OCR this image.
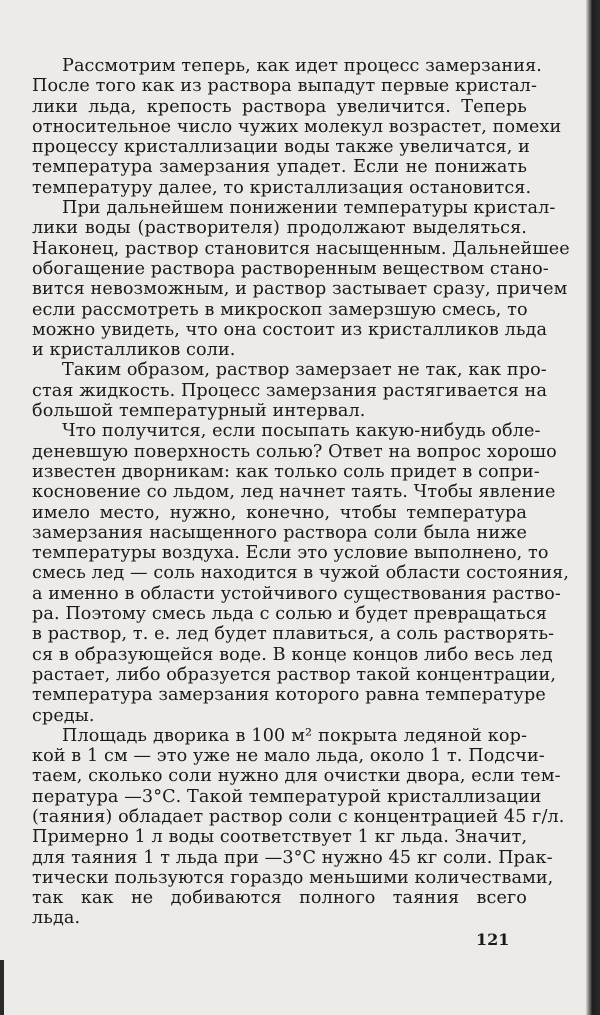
Рассмотрим теперь, как идет процесс замерзания.
После того как из раствора выпадут первые кристал-
лики льда, крепость раствора увеличится. Теперь
относительное число чужих молекул возрастет, помехи
процессу кристаллизации воды также увеличатся, и
температура замерзания упадет. Если не понижать
температуру далее, то кристаллизация остановится.
При дальнейшем понижении температуры кристал-
лики воды (растворителя) продолжают выделяться.
Наконец, раствор становится насыщенным. Дальнейшее
обогащение раствора растворенным веществом стано-
вится невозможным, и раствор застывает сразу, причем
если рассмотреть в микроскоп замерзшую смесь, то
можно увидеть, что она состоит из кристалликов льда
и кристалликов соли.
Таким образом, раствор замерзает не так, как про-
стая жидкость. Процесс замерзания растягивается на
большой температурный интервал.
Что получится, если посыпать какую-нибудь обле-
деневшую поверхность солью? Ответ на вопрос хорошо
известен дворникам: как только соль придет в сопри-
косновение со льдом, лед начнет таять. Чтобы явление
имело место, нужно, конечно, чтобы температура
замерзания насыщенного раствора соли была ниже
температуры воздуха. Если это условие выполнено, то
смесь лед — соль находится в чужой области состояния,
а именно в области устойчивого существования раство-
ра. Поэтому смесь льда с солью и будет превращаться
в раствор, т. е. лед будет плавиться, а соль растворять-
ся в образующейся воде. В конце концов либо весь лед
растает, либо образуется раствор такой концентрации,
температура замерзания которого равна температуре
среды.
Площадь дворика в 100 м² покрыта ледяной кор-
кой в 1 см — это уже не мало льда, около 1 т. Подсчи-
таем, сколько соли нужно для очистки двора, если тем-
пература —3°С. Такой температурой кристаллизации
(таяния) обладает раствор соли с концентрацией 45 г/л.
Примерно 1 л воды соответствует 1 кг льда. Значит,
для таяния 1 т льда при —3°С нужно 45 кг соли. Прак-
тически пользуются гораздо меньшими количествами,
так как не добиваются полного таяния всего
льда.
121
